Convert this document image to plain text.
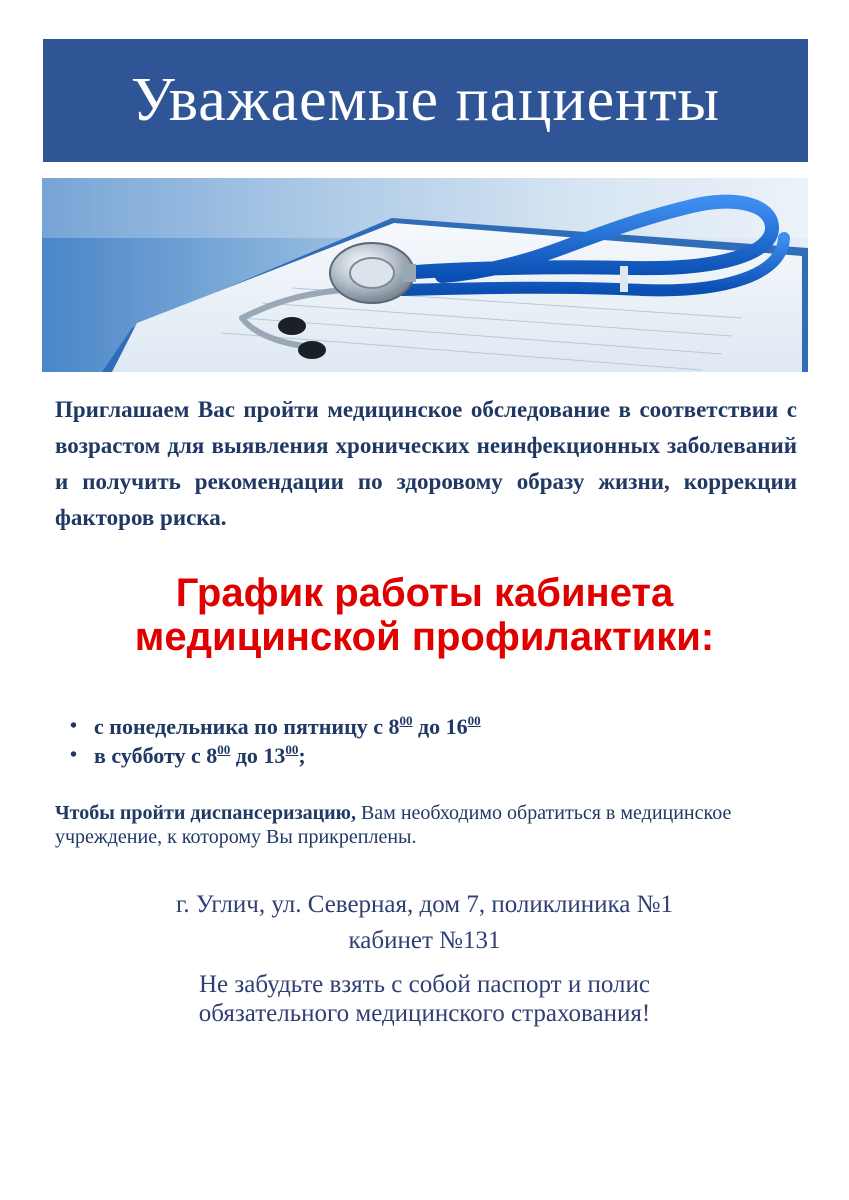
Уважаемые пациенты
Приглашаем Вас пройти медицинское обследование в соответствии с возрастом для выявления хронических неинфекционных заболеваний и получить рекомендации по здоровому образу жизни, коррекции факторов риска.
График работы кабинета
медицинской профилактики:
• с понедельника по пятницу с $8^{00}$ до $16^{00}$
• в субботу с $8^{00}$ до $13^{00}$;
Чтобы пройти диспансеризацию, Вам необходимо обратиться в медицинское учреждение, к которому Вы прикреплены.

г. Углич, ул. Северная, дом 7, поликлиника №1

кабинет №131

Не забудьте взять с собой паспорт и полис

обязательного медицинского страхования!
